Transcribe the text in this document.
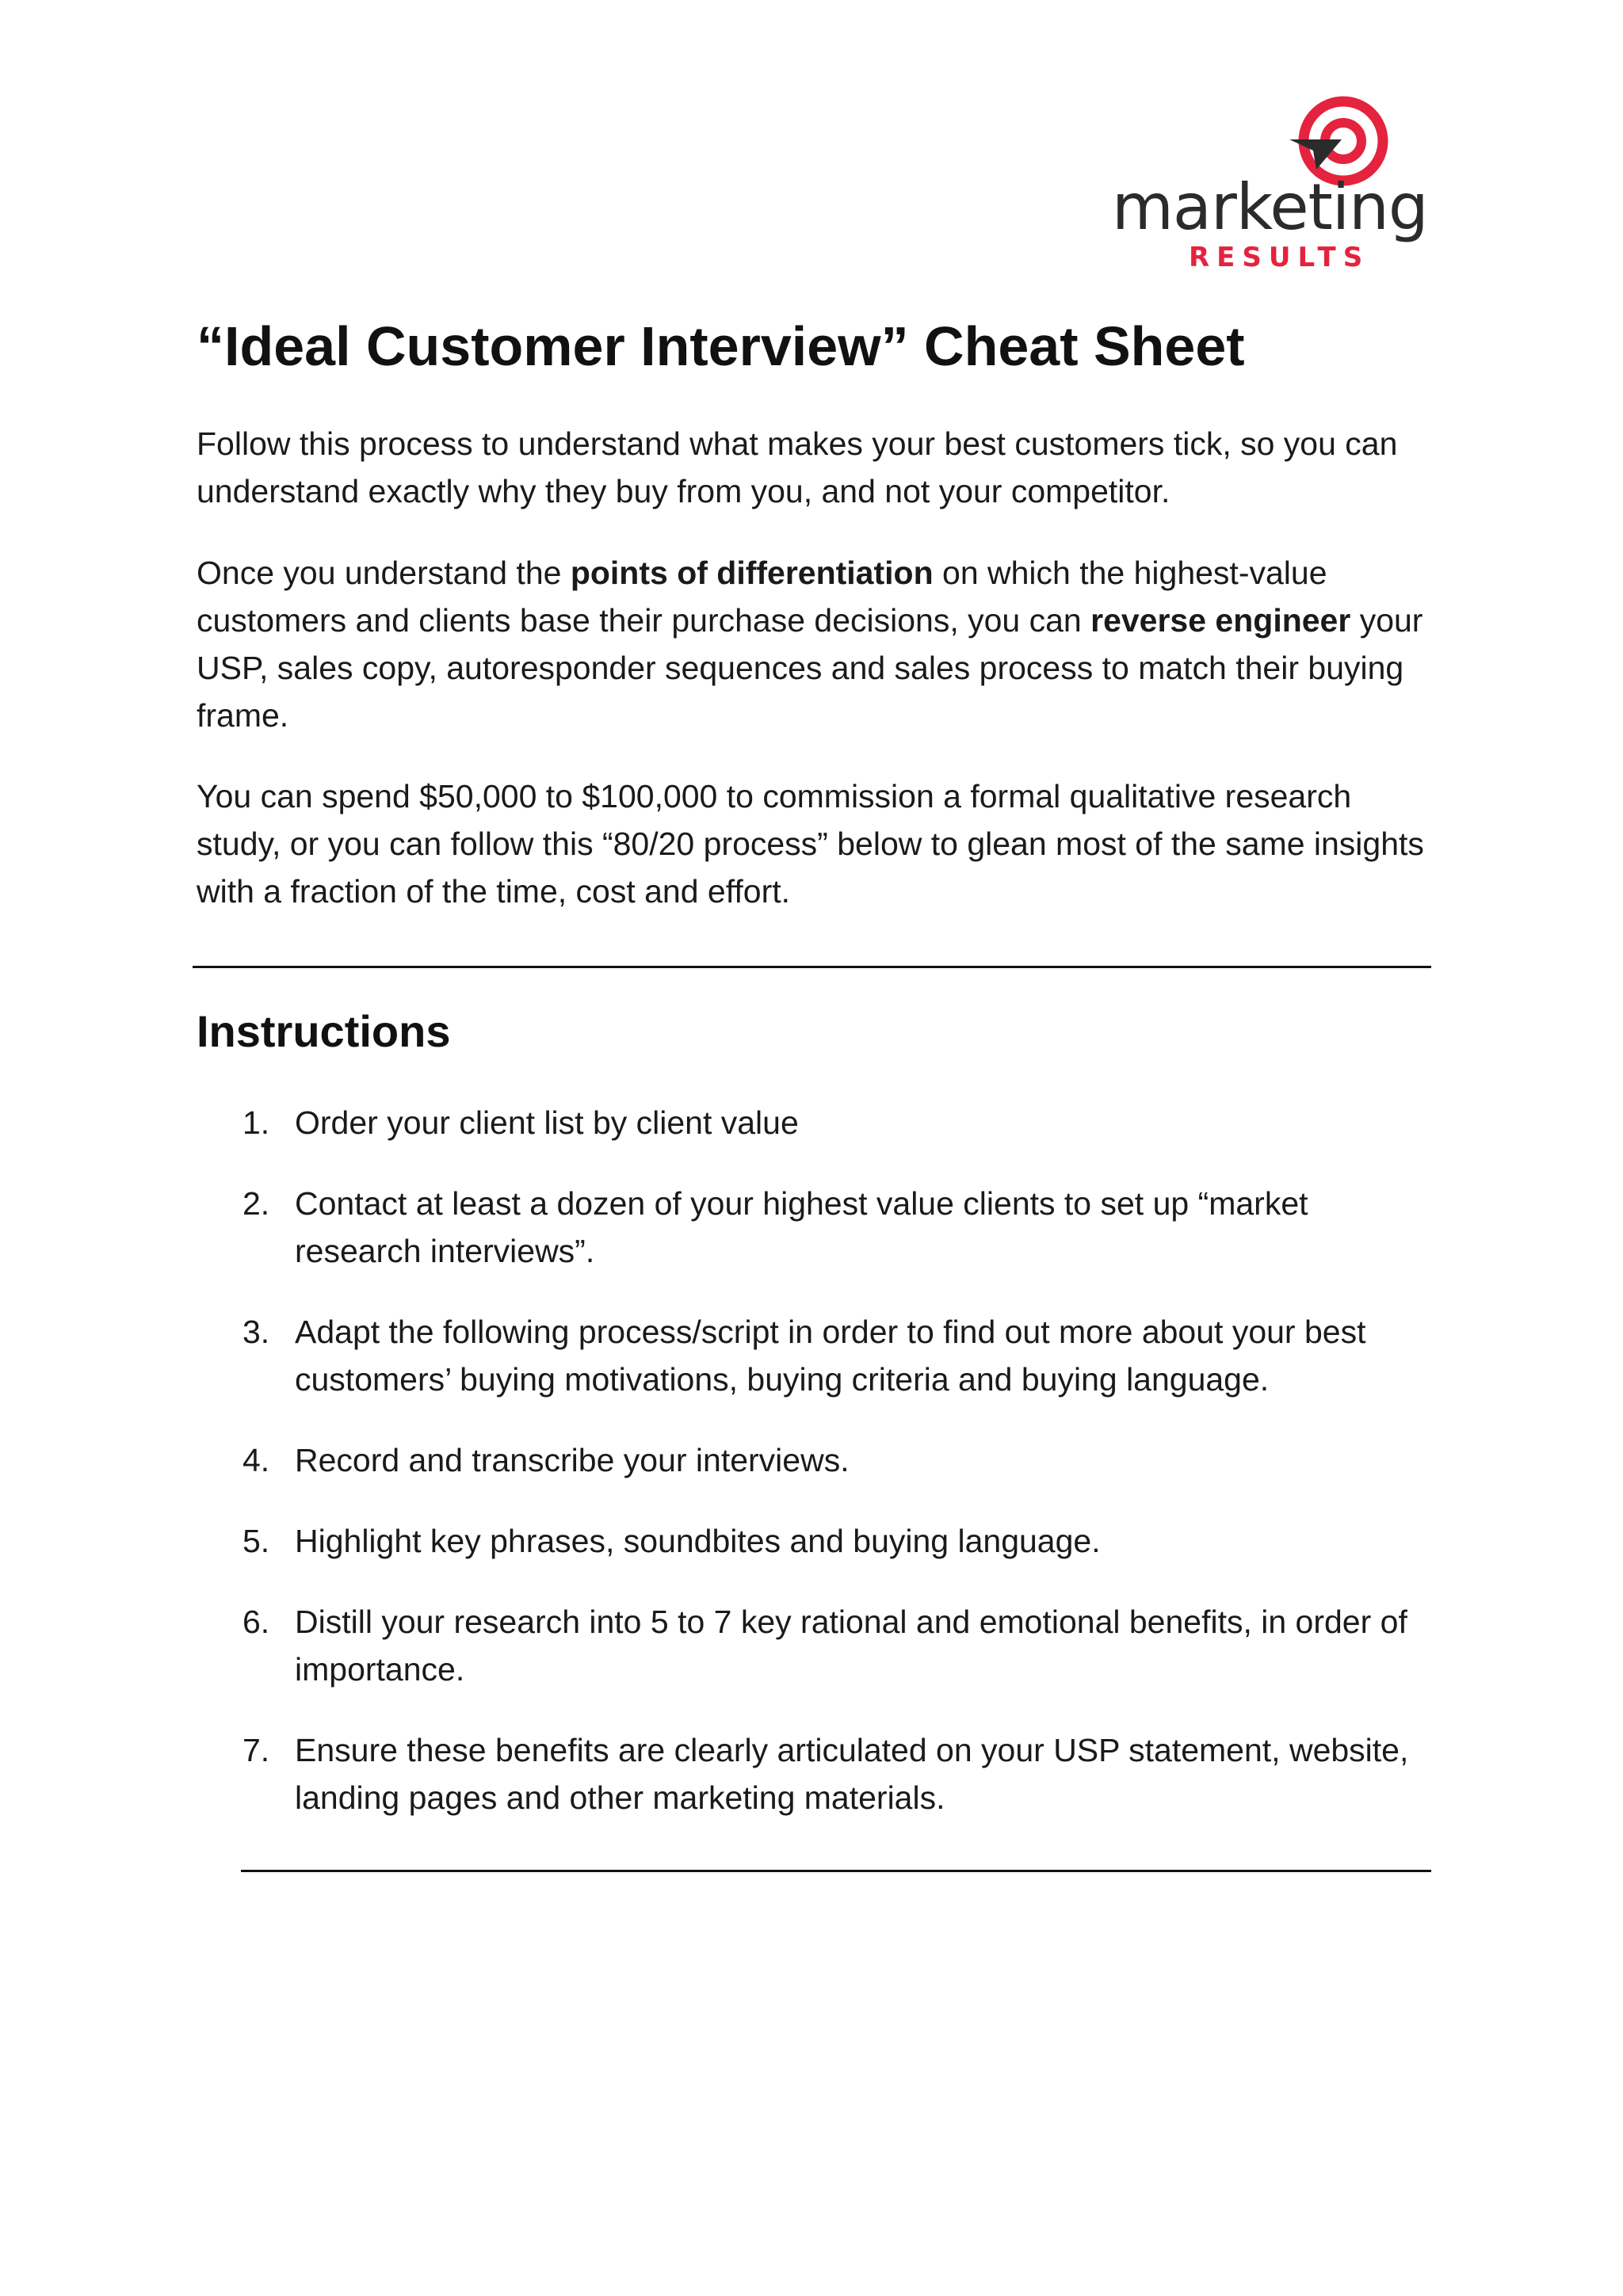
marketing
RESULTS
“Ideal Customer Interview” Cheat Sheet

Follow this process to understand what makes your best customers tick, so you can understand exactly why they buy from you, and not your competitor.

Once you understand the points of differentiation on which the highest-value customers and clients base their purchase decisions, you can reverse engineer your USP, sales copy, autoresponder sequences and sales process to match their buying frame.

You can spend $50,000 to $100,000 to commission a formal qualitative research study, or you can follow this “80/20 process” below to glean most of the same insights with a fraction of the time, cost and effort.

Instructions
1. Order your client list by client value
2. Contact at least a dozen of your highest value clients to set up “market research interviews”.
3. Adapt the following process/script in order to find out more about your best customers’ buying motivations, buying criteria and buying language.
4. Record and transcribe your interviews.
5. Highlight key phrases, soundbites and buying language.
6. Distill your research into 5 to 7 key rational and emotional benefits, in order of importance.
7. Ensure these benefits are clearly articulated on your USP statement, website, landing pages and other marketing materials.
